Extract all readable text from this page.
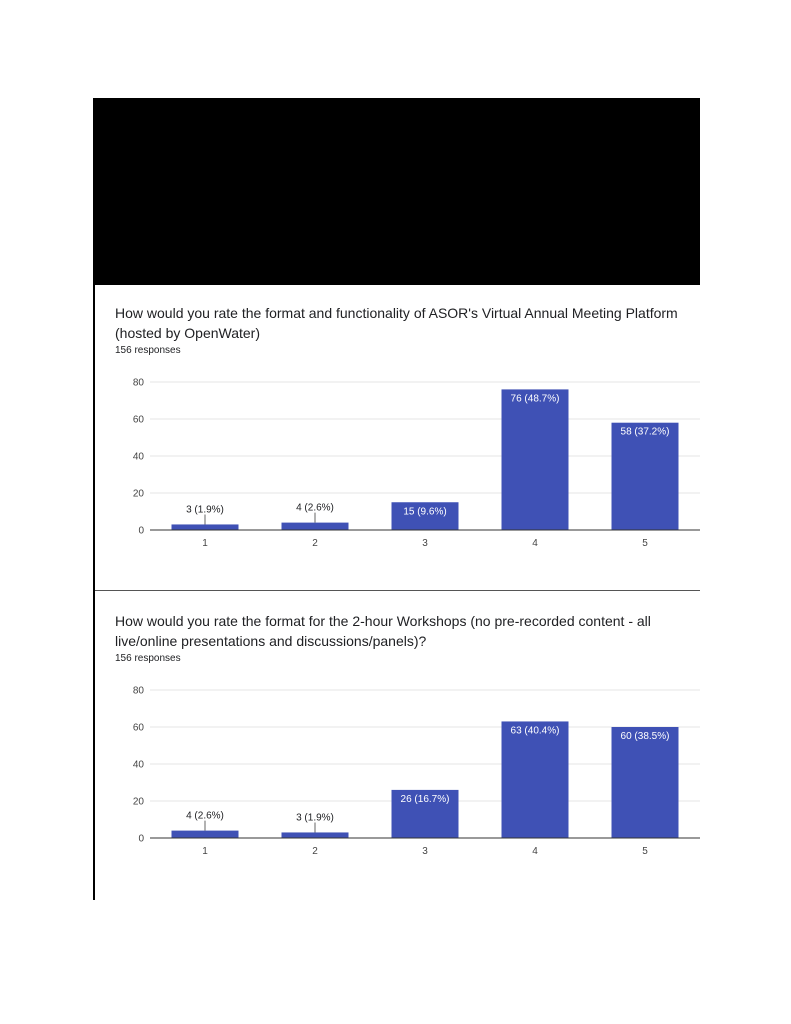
How would you rate the format and functionality of ASOR's Virtual Annual Meeting Platform (hosted by OpenWater)
156 responses
0
20
40
60
80
3 (1.9%)
1
4 (2.6%)
2
15 (9.6%)
3
76 (48.7%)
4
58 (37.2%)
5
How would you rate the format for the 2-hour Workshops (no pre-recorded content - all live/online presentations and discussions/panels)?
156 responses
0
20
40
60
80
4 (2.6%)
1
3 (1.9%)
2
26 (16.7%)
3
63 (40.4%)
4
60 (38.5%)
5
